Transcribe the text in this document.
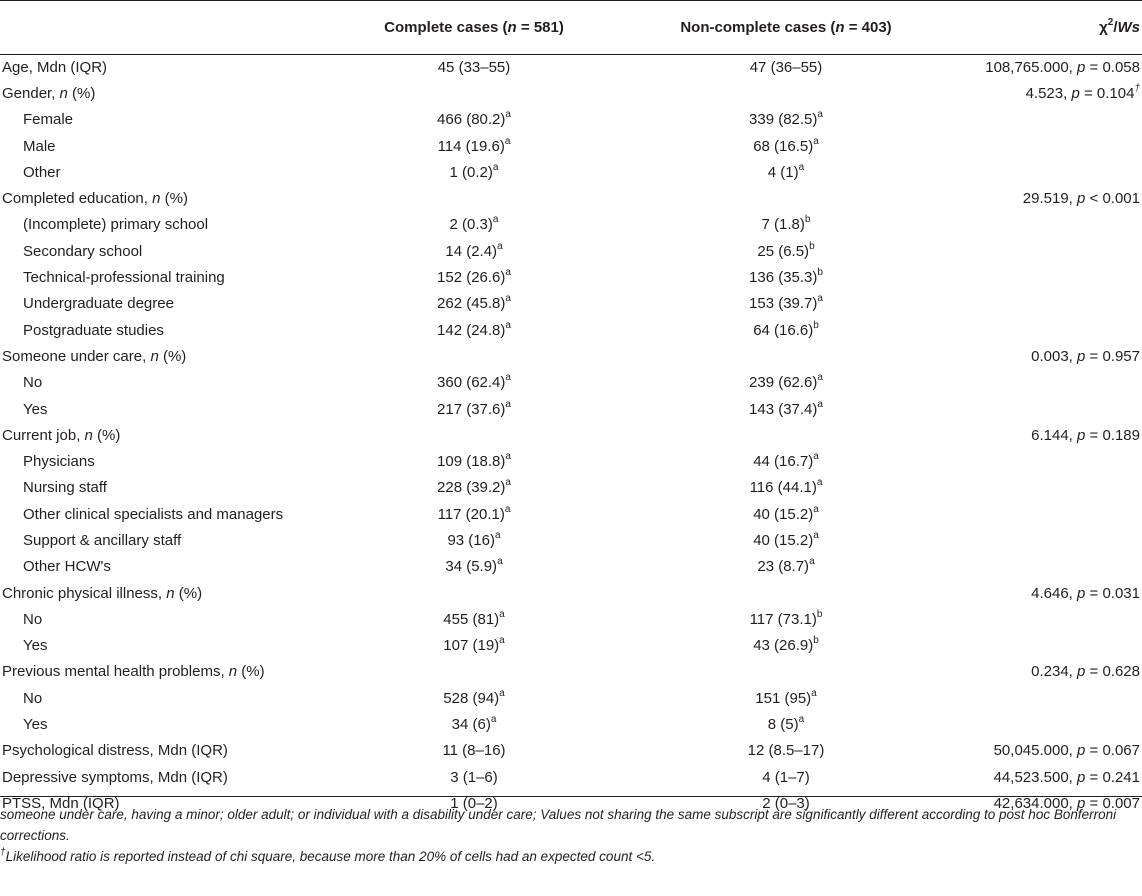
	Complete cases (n = 581)	Non-complete cases (n = 403)	$\chi^2/Ws$
Age, Mdn (IQR)	45 (33–55)	47 (36–55)	108,765.000, p = 0.058
Gender, n (%)			4.523, p = 0.104†
Female	466 $(80.2)^a$	339 $(82.5)^a$	
Male	114 $(19.6)^a$	68 $(16.5)^a$	
Other	1 $(0.2)^a$	4 $(1)^a$	
Completed education, n (%)			29.519, p < 0.001
(Incomplete) primary school	2 $(0.3)^a$	7 $(1.8)^b$	
Secondary school	14 $(2.4)^a$	25 $(6.5)^b$	
Technical-professional training	152 $(26.6)^a$	136 $(35.3)^b$	
Undergraduate degree	262 $(45.8)^a$	153 $(39.7)^a$	
Postgraduate studies	142 $(24.8)^a$	64 $(16.6)^b$	
Someone under care, n (%)			0.003, p = 0.957
No	360 $(62.4)^a$	239 $(62.6)^a$	
Yes	217 $(37.6)^a$	143 $(37.4)^a$	
Current job, n (%)			6.144, p = 0.189
Physicians	109 $(18.8)^a$	44 $(16.7)^a$	
Nursing staff	228 $(39.2)^a$	116 $(44.1)^a$	
Other clinical specialists and managers	117 $(20.1)^a$	40 $(15.2)^a$	
Support & ancillary staff	93 $(16)^a$	40 $(15.2)^a$	
Other HCW's	34 $(5.9)^a$	23 $(8.7)^a$	
Chronic physical illness, n (%)			4.646, p = 0.031
No	455 $(81)^a$	117 $(73.1)^b$	
Yes	107 $(19)^a$	43 $(26.9)^b$	
Previous mental health problems, n (%)			0.234, p = 0.628
No	528 $(94)^a$	151 $(95)^a$	
Yes	34 $(6)^a$	8 $(5)^a$	
Psychological distress, Mdn (IQR)	11 (8–16)	12 (8.5–17)	50,045.000, p = 0.067
Depressive symptoms, Mdn (IQR)	3 (1–6)	4 (1–7)	44,523.500, p = 0.241
PTSS, Mdn (IQR)	1 (0–2)	2 (0–3)	42,634.000, p = 0.007

someone under care, having a minor; older adult; or individual with a disability under care; Values not sharing the same subscript are significantly different according to post hoc Bonferroni corrections.

†Likelihood ratio is reported instead of chi square, because more than 20% of cells had an expected count <5.
